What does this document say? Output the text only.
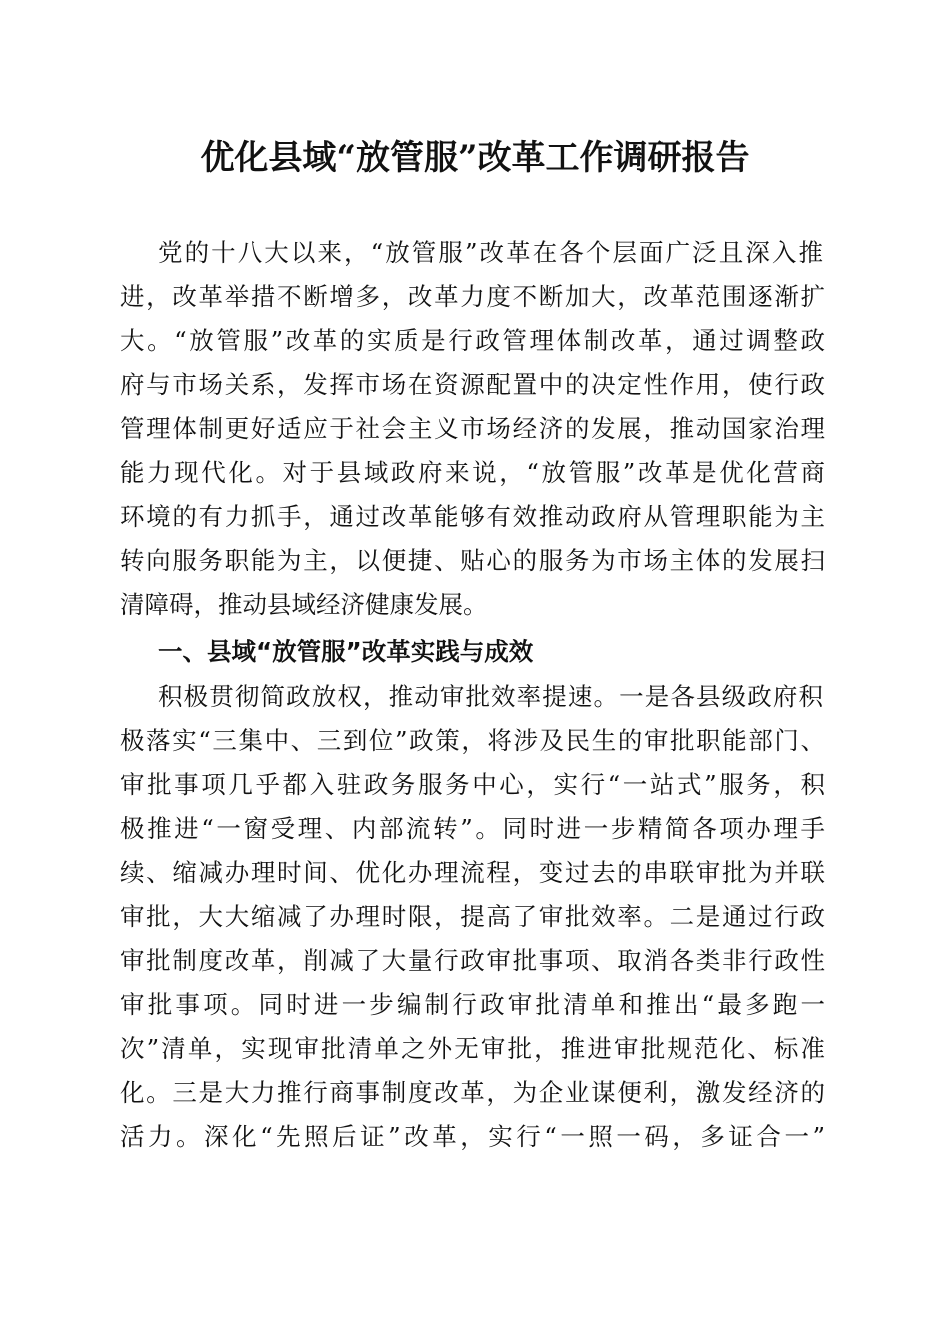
优化县域“放管服”改革工作调研报告

党的十八大以来，“放管服”改革在各个层面广泛且深入推

进，改革举措不断增多，改革力度不断加大，改革范围逐渐扩

大。“放管服”改革的实质是行政管理体制改革，通过调整政

府与市场关系，发挥市场在资源配置中的决定性作用，使行政

管理体制更好适应于社会主义市场经济的发展，推动国家治理

能力现代化。对于县域政府来说，“放管服”改革是优化营商

环境的有力抓手，通过改革能够有效推动政府从管理职能为主

转向服务职能为主，以便捷、贴心的服务为市场主体的发展扫

清障碍，推动县域经济健康发展。

一、县域“放管服”改革实践与成效

积极贯彻简政放权，推动审批效率提速。一是各县级政府积

极落实“三集中、三到位”政策，将涉及民生的审批职能部门、

审批事项几乎都入驻政务服务中心，实行“一站式”服务，积

极推进“一窗受理、内部流转”。同时进一步精简各项办理手

续、缩减办理时间、优化办理流程，变过去的串联审批为并联

审批，大大缩减了办理时限，提高了审批效率。二是通过行政

审批制度改革，削减了大量行政审批事项、取消各类非行政性

审批事项。同时进一步编制行政审批清单和推出“最多跑一

次”清单，实现审批清单之外无审批，推进审批规范化、标准

化。三是大力推行商事制度改革，为企业谋便利，激发经济的

活力。深化“先照后证”改革，实行“一照一码，多证合一”
